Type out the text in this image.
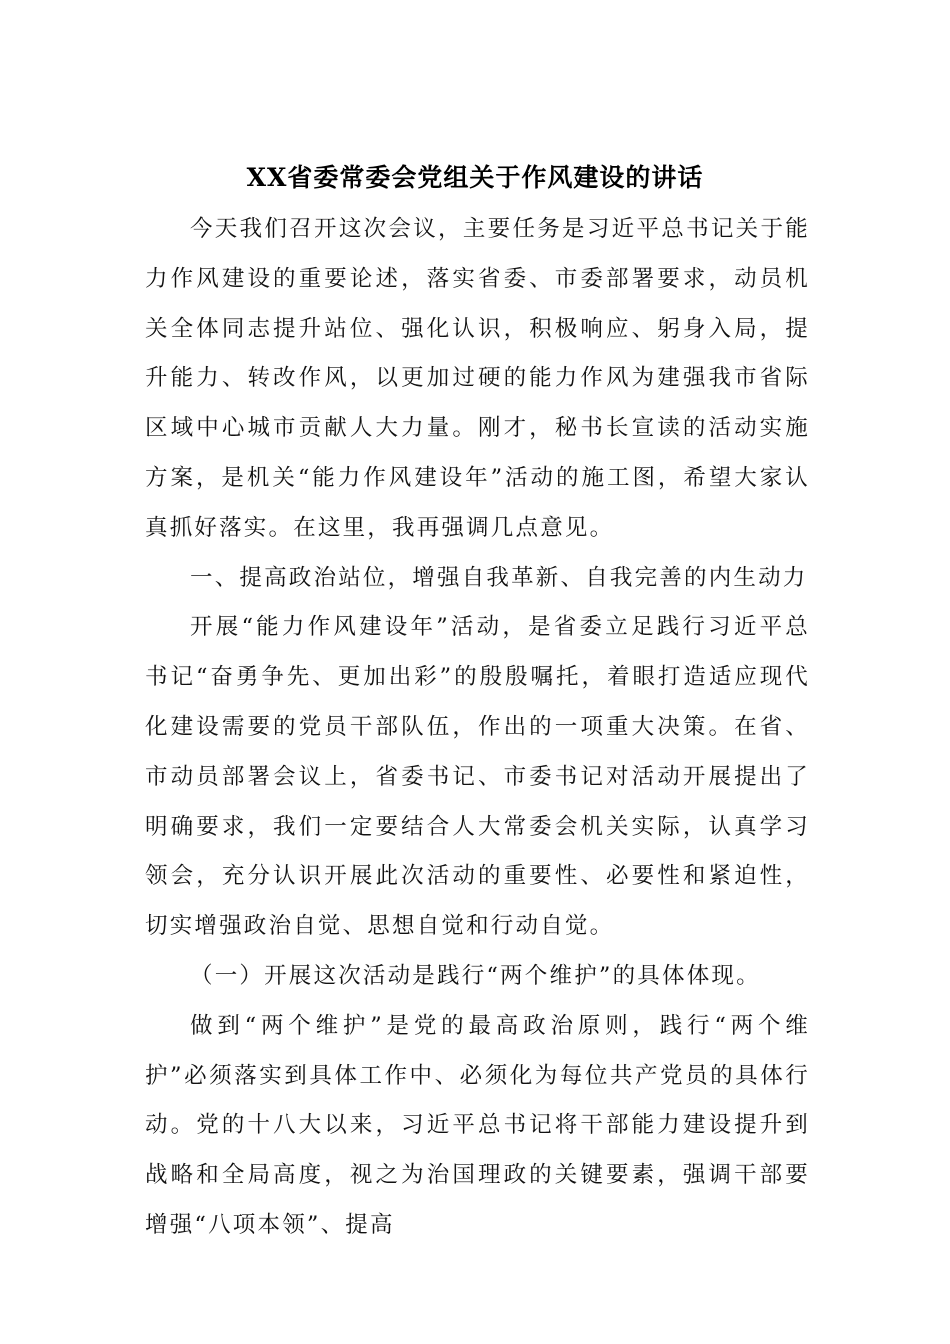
XX省委常委会党组关于作风建设的讲话

今天我们召开这次会议，主要任务是习近平总书记关于能力作风建设的重要论述，落实省委、市委部署要求，动员机关全体同志提升站位、强化认识，积极响应、躬身入局，提升能力、转改作风，以更加过硬的能力作风为建强我市省际区域中心城市贡献人大力量。刚才，秘书长宣读的活动实施方案，是机关“能力作风建设年”活动的施工图，希望大家认真抓好落实。在这里，我再强调几点意见。

一、提高政治站位，增强自我革新、自我完善的内生动力

开展“能力作风建设年”活动，是省委立足践行习近平总书记“奋勇争先、更加出彩”的殷殷嘱托，着眼打造适应现代化建设需要的党员干部队伍，作出的一项重大决策。在省、市动员部署会议上，省委书记、市委书记对活动开展提出了明确要求，我们一定要结合人大常委会机关实际，认真学习领会，充分认识开展此次活动的重要性、必要性和紧迫性，切实增强政治自觉、思想自觉和行动自觉。

（一）开展这次活动是践行“两个维护”的具体体现。

做到“两个维护”是党的最高政治原则，践行“两个维护”必须落实到具体工作中、必须化为每位共产党员的具体行动。党的十八大以来，习近平总书记将干部能力建设提升到战略和全局高度，视之为治国理政的关键要素，强调干部要增强“八项本领”、提高
